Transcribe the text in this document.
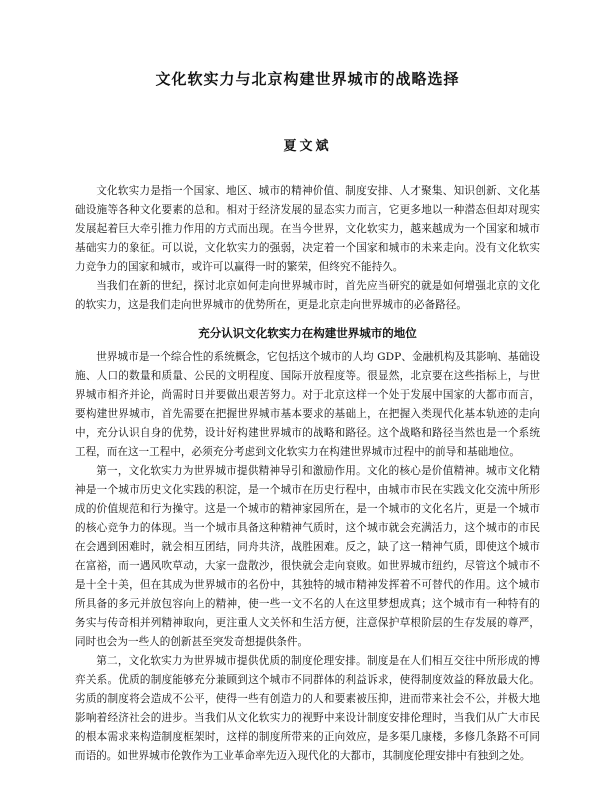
文化软实力与北京构建世界城市的战略选择
夏文斌

文化软实力是指一个国家、地区、城市的精神价值、制度安排、人才聚集、知识创新、文化基础设施等各种文化要素的总和。相对于经济发展的显态实力而言，它更多地以一种潜态但却对现实发展起着巨大牵引推力作用的方式而出现。在当今世界，文化软实力，越来越成为一个国家和城市基础实力的象征。可以说，文化软实力的强弱，决定着一个国家和城市的未来走向。没有文化软实力竞争力的国家和城市，或许可以赢得一时的繁荣，但终究不能持久。

当我们在新的世纪，探讨北京如何走向世界城市时，首先应当研究的就是如何增强北京的文化的软实力，这是我们走向世界城市的优势所在，更是北京走向世界城市的必备路径。

充分认识文化软实力在构建世界城市的地位

世界城市是一个综合性的系统概念，它包括这个城市的人均 GDP、金融机构及其影响、基础设施、人口的数量和质量、公民的文明程度、国际开放程度等。很显然，北京要在这些指标上，与世界城市相齐并论，尚需时日并要做出艰苦努力。对于北京这样一个处于发展中国家的大都市而言，要构建世界城市，首先需要在把握世界城市基本要求的基础上，在把握入类现代化基本轨迹的走向中，充分认识自身的优势，设计好构建世界城市的战略和路径。这个战略和路径当然也是一个系统工程，而在这一工程中，必须充分考虑到文化软实力在构建世界城市过程中的前导和基础地位。

第一，文化软实力为世界城市提供精神导引和激励作用。文化的核心是价值精神。城市文化精神是一个城市历史文化实践的积淀，是一个城市在历史行程中，由城市市民在实践文化交流中所形成的价值规范和行为操守。这是一个城市的精神家园所在，是一个城市的文化名片，更是一个城市的核心竞争力的体现。当一个城市具备这种精神气质时，这个城市就会充满活力，这个城市的市民在会遇到困难时，就会相互团结，同舟共济，战胜困难。反之，缺了这一精神气质，即使这个城市在富裕，而一遇风吹草动，大家一盘散沙，很快就会走向衰败。如世界城市纽约，尽管这个城市不是十全十美，但在其成为世界城市的名份中，其独特的城市精神发挥着不可替代的作用。这个城市所具备的多元并放包容向上的精神，使一些一文不名的人在这里梦想成真；这个城市有一种特有的务实与传奇相并列精神取向，更注重人文关怀和生活方便，注意保护草根阶层的生存发展的尊严，同时也会为一些人的创新甚至突发奇想提供条件。

第二，文化软实力为世界城市提供优质的制度伦理安排。制度是在人们相互交往中所形成的博弈关系。优质的制度能够充分兼顾到这个城市不同群体的利益诉求，使得制度效益的释放最大化。劣质的制度将会造成不公平，使得一些有创造力的人和要素被压抑，进而带来社会不公，并极大地影响着经济社会的进步。当我们从文化软实力的视野中来设计制度安排伦理时，当我们从广大市民的根本需求来构造制度框架时，这样的制度所带来的正向效应，是多渠几康楼，多修几条路不可同而语的。如世界城市伦敦作为工业革命率先迈入现代化的大都市，其制度伦理安排中有独到之处。
